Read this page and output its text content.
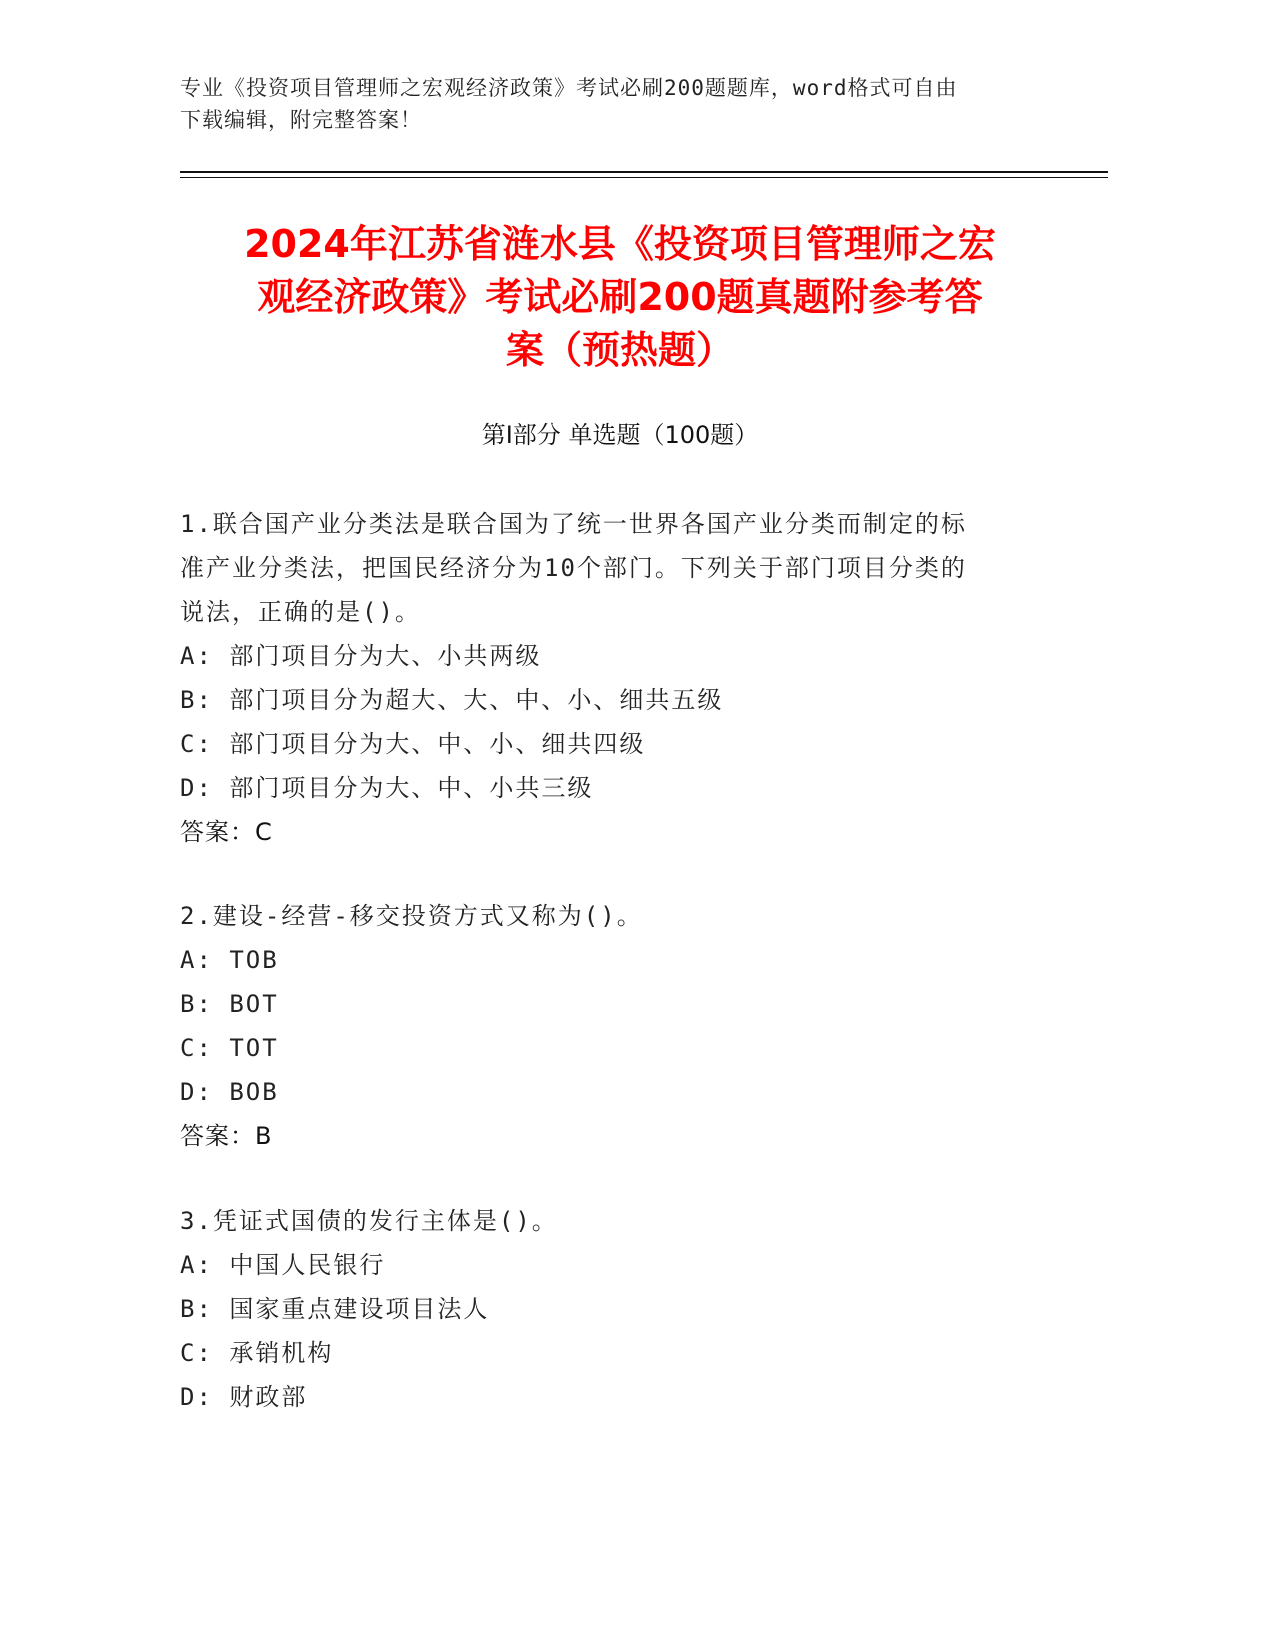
专业《投资项目管理师之宏观经济政策》考试必刷200题题库，word格式可自由
下载编辑，附完整答案！
2024年江苏省涟水县《投资项目管理师之宏
观经济政策》考试必刷200题真题附参考答
案（预热题）
第Ⅰ部分 单选题（100题）
1.联合国产业分类法是联合国为了统一世界各国产业分类而制定的标
准产业分类法，把国民经济分为10个部门。下列关于部门项目分类的
说法，正确的是()。
A: 部门项目分为大、小共两级
B: 部门项目分为超大、大、中、小、细共五级
C: 部门项目分为大、中、小、细共四级
D: 部门项目分为大、中、小共三级
答案：C
2.建设-经营-移交投资方式又称为()。
A: TOB
B: BOT
C: TOT
D: BOB
答案：B
3.凭证式国债的发行主体是()。
A: 中国人民银行
B: 国家重点建设项目法人
C: 承销机构
D: 财政部
